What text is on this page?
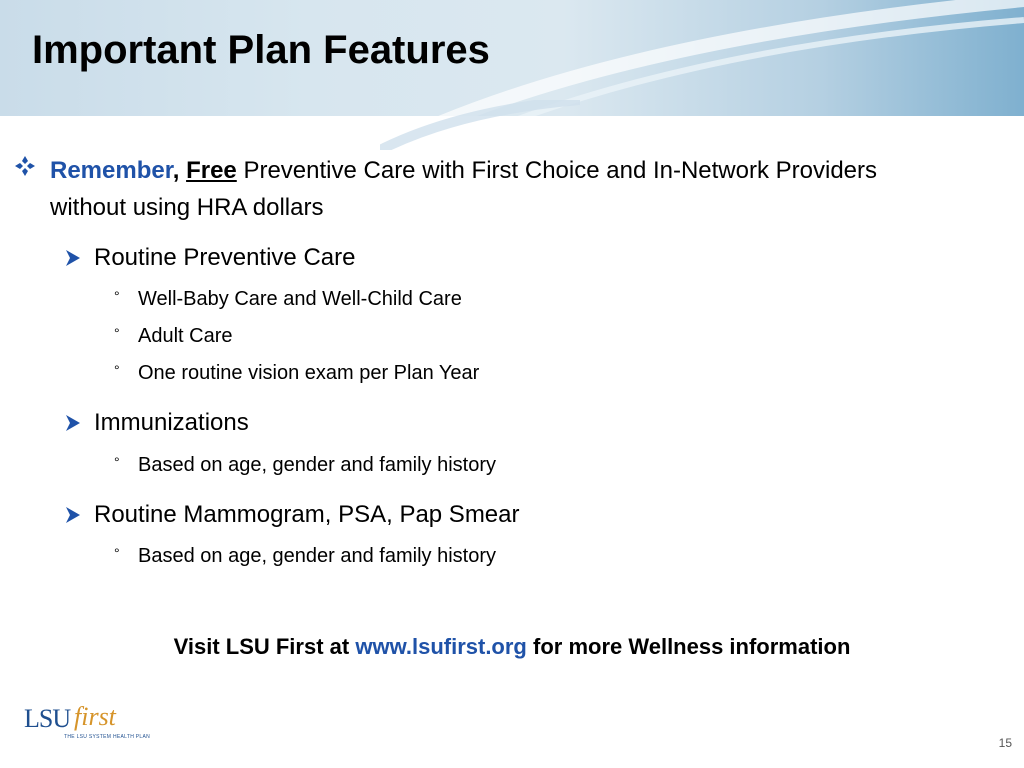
Important Plan Features
Remember, Free Preventive Care with First Choice and In-Network Providers without using HRA dollars
Routine Preventive Care
° Well-Baby Care and Well-Child Care
° Adult Care
° One routine vision exam per Plan Year
Immunizations
° Based on age, gender and family history
Routine Mammogram, PSA, Pap Smear
° Based on age, gender and family history
Visit LSU First at www.lsufirst.org for more Wellness information
LSU first
THE LSU SYSTEM HEALTH PLAN	15
